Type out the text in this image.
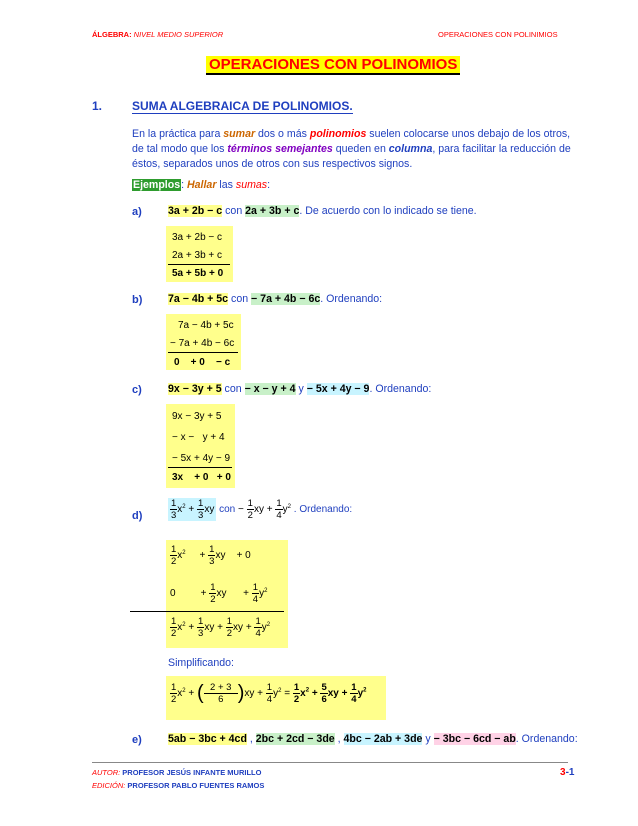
ÁLGEBRA: NIVEL MEDIO SUPERIOR	OPERACIONES CON POLINIMIOS
OPERACIONES CON POLINOMIOS
1. SUMA ALGEBRAICA DE POLINOMIOS.
En la práctica para sumar dos o más polinomios suelen colocarse unos debajo de los otros,
de tal modo que los términos semejantes queden en columna, para facilitar la reducción de
éstos, separados unos de otros con sus respectivos signos.
Ejemplos: Hallar las sumas:
a) 3a + 2b − c con 2a + 3b + c. De acuerdo con lo indicado se tiene.
3a + 2b − c
2a + 3b + c
5a + 5b + 0
b) 7a − 4b + 5c con − 7a + 4b − 6c. Ordenando:
7a − 4b + 5c
− 7a + 4b − 6c
0    + 0    − c
c) 9x − 3y + 5 con − x − y + 4 y − 5x + 4y − 9. Ordenando:
9x − 3y + 5
− x −   y + 4
− 5x + 4y − 9
3x    + 0   + 0
d)	$\frac{1}{3} x^2 + \frac{1}{3}$ xy con − $\frac{1}{2}$ xy + $\frac{1}{4} y^2$ . Ordenando:
$\frac{1}{2} x^2$     + $\frac{1}{3}$ xy    + 0
0         + $\frac{1}{2}$ xy      + $\frac{1}{4} y^2$
$\frac{1}{2} x^2 + \frac{1}{3}$ xy + $\frac{1}{2}$ xy + $\frac{1}{4} y^2$
Simplificando:
$\frac{1}{2} x^2$ + ( $\frac{2 + 3}{6} )xy + \frac{1}{4} y^2 = \frac{1}{2} x^2 + \frac{5}{6}$ xy + $\frac{1}{4} y^2$
e) 5ab − 3bc + 4cd , 2bc + 2cd − 3de , 4bc − 2ab + 3de y − 3bc − 6cd − ab. Ordenando:
AUTOR: PROFESOR JESÚS INFANTE MURILLO
EDICIÓN: PROFESOR PABLO FUENTES RAMOS
3-1
